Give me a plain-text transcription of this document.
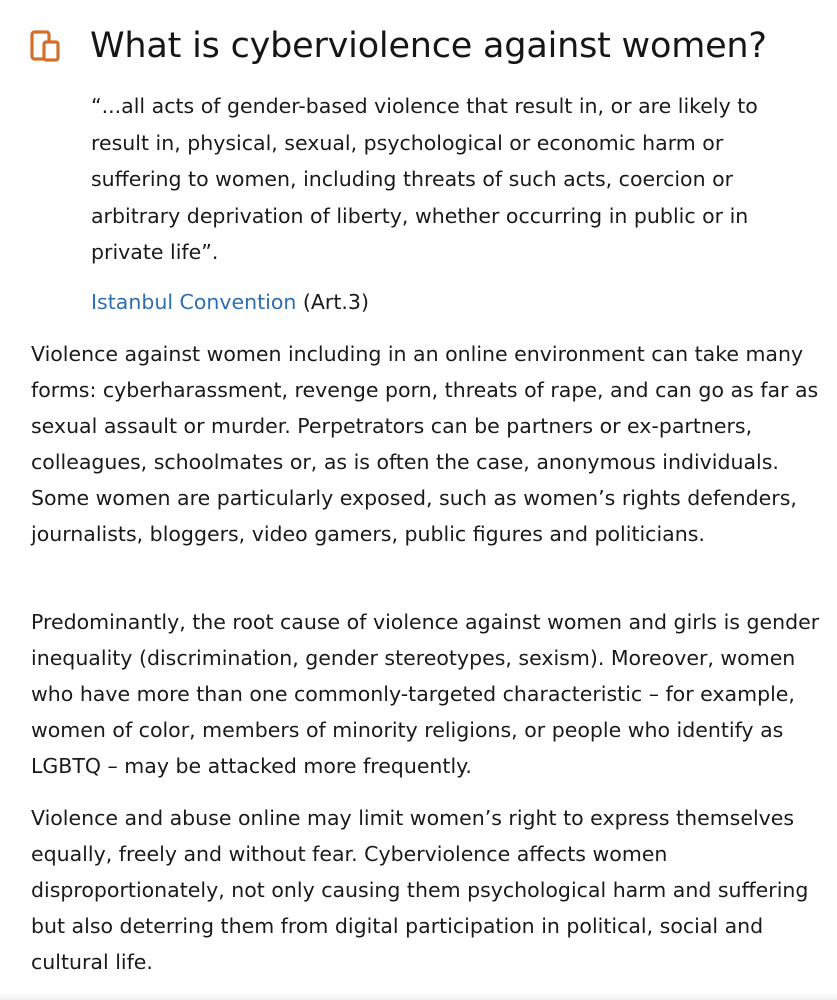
What is cyberviolence against women?

“...all acts of gender-based violence that result in, or are likely to result in, physical, sexual, psychological or economic harm or suffering to women, including threats of such acts, coercion or arbitrary deprivation of liberty, whether occurring in public or in private life”.

Istanbul Convention (Art.3)

Violence against women including in an online environment can take many forms: cyberharassment, revenge porn, threats of rape, and can go as far as sexual assault or murder. Perpetrators can be partners or ex-partners, colleagues, schoolmates or, as is often the case, anonymous individuals. Some women are particularly exposed, such as women’s rights defenders, journalists, bloggers, video gamers, public figures and politicians.

Predominantly, the root cause of violence against women and girls is gender inequality (discrimination, gender stereotypes, sexism). Moreover, women who have more than one commonly-targeted characteristic – for example, women of color, members of minority religions, or people who identify as LGBTQ – may be attacked more frequently.

Violence and abuse online may limit women’s right to express themselves equally, freely and without fear. Cyberviolence affects women disproportionately, not only causing them psychological harm and suffering but also deterring them from digital participation in political, social and cultural life.
